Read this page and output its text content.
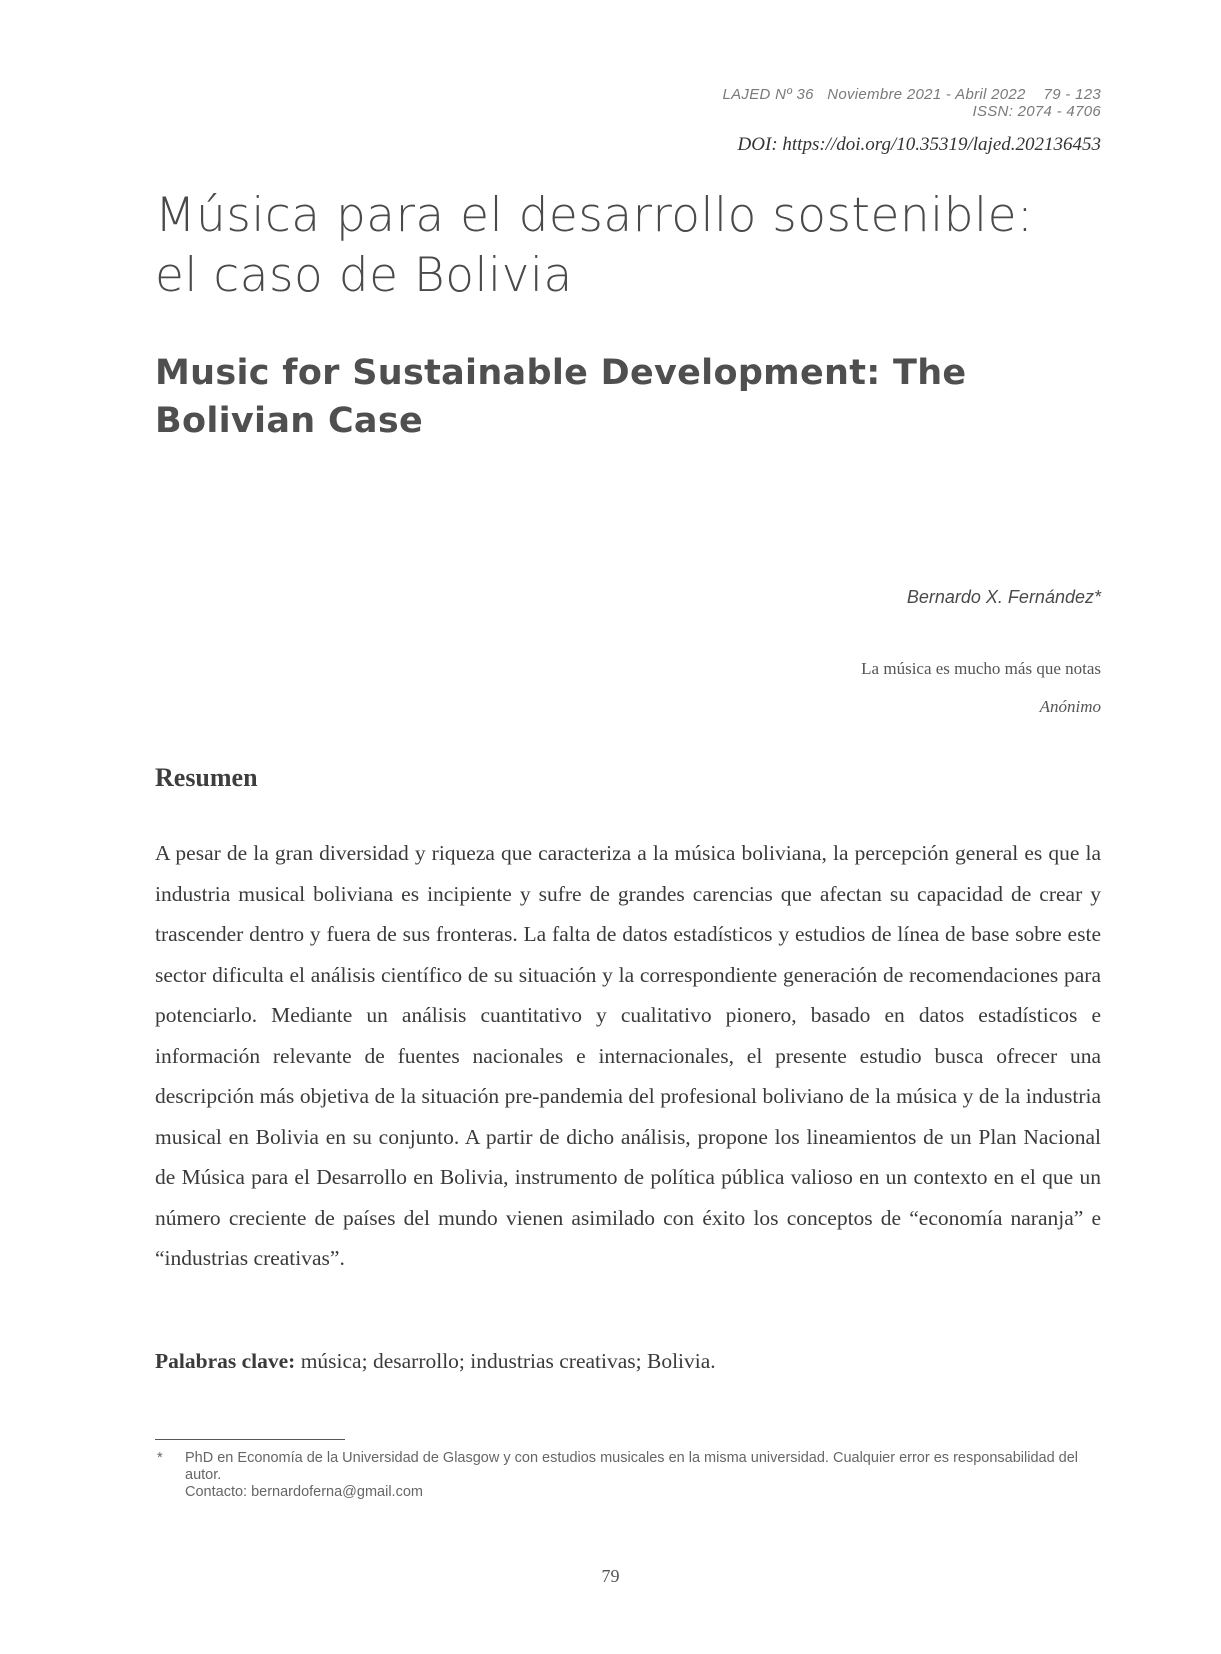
LAJED Nº 36   Noviembre 2021 - Abril 2022    79 - 123
ISSN: 2074 - 4706
DOI: https://doi.org/10.35319/lajed.202136453
Música para el desarrollo sostenible: el caso de Bolivia
Music for Sustainable Development: The Bolivian Case
Bernardo X. Fernández*
La música es mucho más que notas
Anónimo
Resumen

A pesar de la gran diversidad y riqueza que caracteriza a la música boliviana, la percepción general es que la industria musical boliviana es incipiente y sufre de grandes carencias que afectan su capacidad de crear y trascender dentro y fuera de sus fronteras. La falta de datos estadísticos y estudios de línea de base sobre este sector dificulta el análisis científico de su situación y la correspondiente generación de recomendaciones para potenciarlo. Mediante un análisis cuantitativo y cualitativo pionero, basado en datos estadísticos e información relevante de fuentes nacionales e internacionales, el presente estudio busca ofrecer una descripción más objetiva de la situación pre-pandemia del profesional boliviano de la música y de la industria musical en Bolivia en su conjunto. A partir de dicho análisis, propone los lineamientos de un Plan Nacional de Música para el Desarrollo en Bolivia, instrumento de política pública valioso en un contexto en el que un número creciente de países del mundo vienen asimilado con éxito los conceptos de “economía naranja” e “industrias creativas”.

Palabras clave: música; desarrollo; industrias creativas; Bolivia.

* PhD en Economía de la Universidad de Glasgow y con estudios musicales en la misma universidad. Cualquier error es responsabilidad del autor.
Contacto: bernardoferna@gmail.com
79
